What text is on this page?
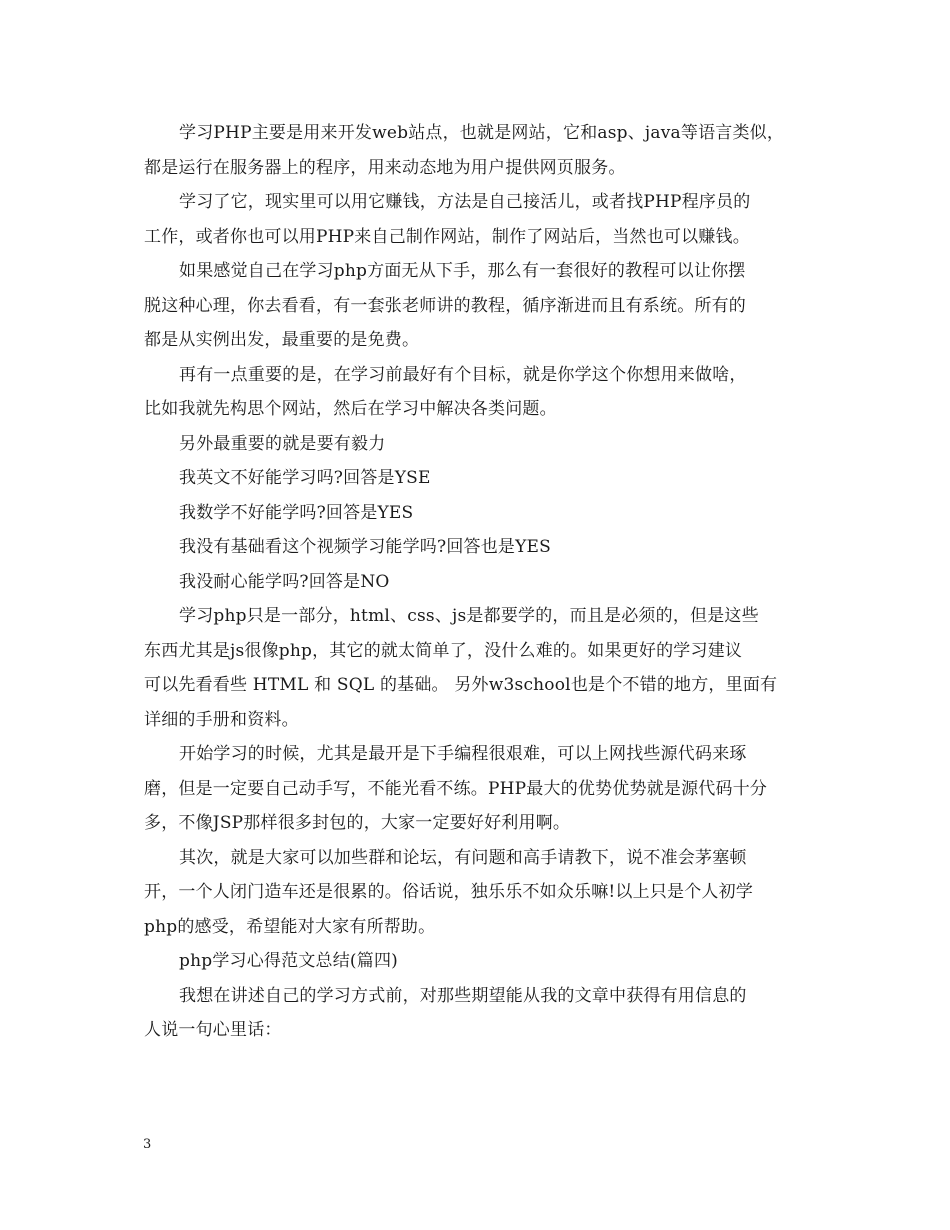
学习PHP主要是用来开发web站点，也就是网站，它和asp、java等语言类似，
都是运行在服务器上的程序，用来动态地为用户提供网页服务。
学习了它，现实里可以用它赚钱，方法是自己接活儿，或者找PHP程序员的
工作，或者你也可以用PHP来自己制作网站，制作了网站后，当然也可以赚钱。
如果感觉自己在学习php方面无从下手，那么有一套很好的教程可以让你摆
脱这种心理，你去看看，有一套张老师讲的教程，循序渐进而且有系统。所有的
都是从实例出发，最重要的是免费。
再有一点重要的是，在学习前最好有个目标，就是你学这个你想用来做啥，
比如我就先构思个网站，然后在学习中解决各类问题。
另外最重要的就是要有毅力
我英文不好能学习吗?回答是YSE
我数学不好能学吗?回答是YES
我没有基础看这个视频学习能学吗?回答也是YES
我没耐心能学吗?回答是NO
学习php只是一部分，html、css、js是都要学的，而且是必须的，但是这些
东西尤其是js很像php，其它的就太简单了，没什么难的。如果更好的学习建议
可以先看看些 HTML 和 SQL 的基础。 另外w3school也是个不错的地方，里面有
详细的手册和资料。
开始学习的时候，尤其是最开是下手编程很艰难，可以上网找些源代码来琢
磨，但是一定要自己动手写，不能光看不练。PHP最大的优势优势就是源代码十分
多，不像JSP那样很多封包的，大家一定要好好利用啊。
其次，就是大家可以加些群和论坛，有问题和高手请教下，说不准会茅塞顿
开，一个人闭门造车还是很累的。俗话说，独乐乐不如众乐嘛!以上只是个人初学
php的感受，希望能对大家有所帮助。
php学习心得范文总结(篇四)
我想在讲述自己的学习方式前，对那些期望能从我的文章中获得有用信息的
人说一句心里话：
3
